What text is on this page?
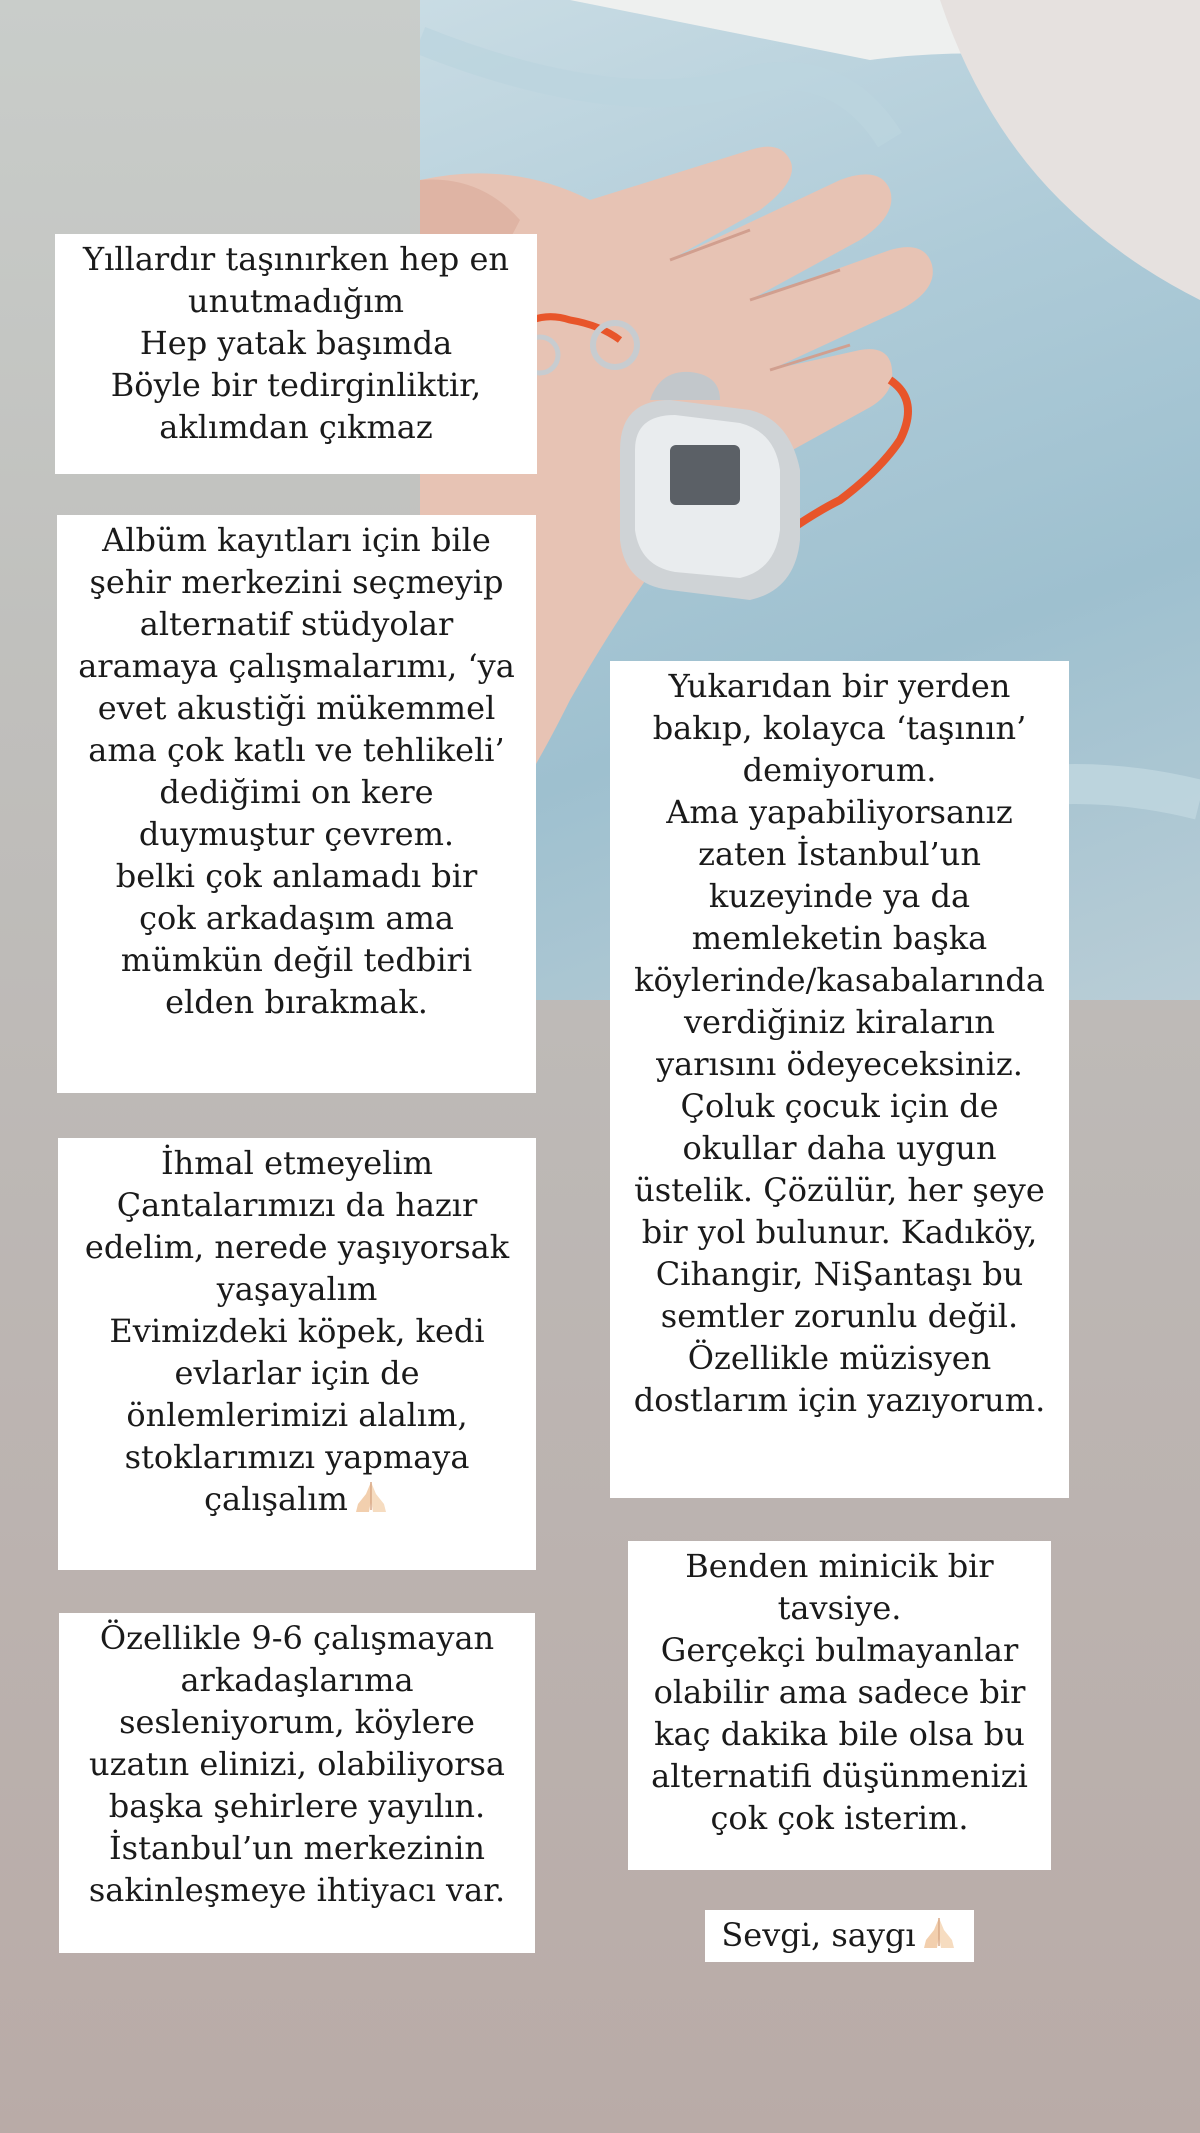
Yıllardır taşınırken hep en
unutmadığım
Hep yatak başımda
Böyle bir tedirginliktir,
aklımdan çıkmaz
Albüm kayıtları için bile
şehir merkezini seçmeyip
alternatif stüdyolar
aramaya çalışmalarımı, ‘ya
evet akustiği mükemmel
ama çok katlı ve tehlikeli’
dediğimi on kere
duymuştur çevrem.
belki çok anlamadı bir
çok arkadaşım ama
mümkün değil tedbiri
elden bırakmak.
İhmal etmeyelim
Çantalarımızı da hazır
edelim, nerede yaşıyorsak
yaşayalım
Evimizdeki köpek, kedi
evlarlar için de
önlemlerimizi alalım,
stoklarımızı yapmaya
çalışalım
Özellikle 9-6 çalışmayan
arkadaşlarıma
sesleniyorum, köylere
uzatın elinizi, olabiliyorsa
başka şehirlere yayılın.
İstanbul’un merkezinin
sakinleşmeye ihtiyacı var.
Yukarıdan bir yerden
bakıp, kolayca ‘taşının’
demiyorum.
Ama yapabiliyorsanız
zaten İstanbul’un
kuzeyinde ya da
memleketin başka
köylerinde/kasabalarında
verdiğiniz kiraların
yarısını ödeyeceksiniz.
Çoluk çocuk için de
okullar daha uygun
üstelik. Çözülür, her şeye
bir yol bulunur. Kadıköy,
Cihangir, NiŞantaşı bu
semtler zorunlu değil.
Özellikle müzisyen
dostlarım için yazıyorum.
Benden minicik bir
tavsiye.
Gerçekçi bulmayanlar
olabilir ama sadece bir
kaç dakika bile olsa bu
alternatifi düşünmenizi
çok çok isterim.
Sevgi, saygı
